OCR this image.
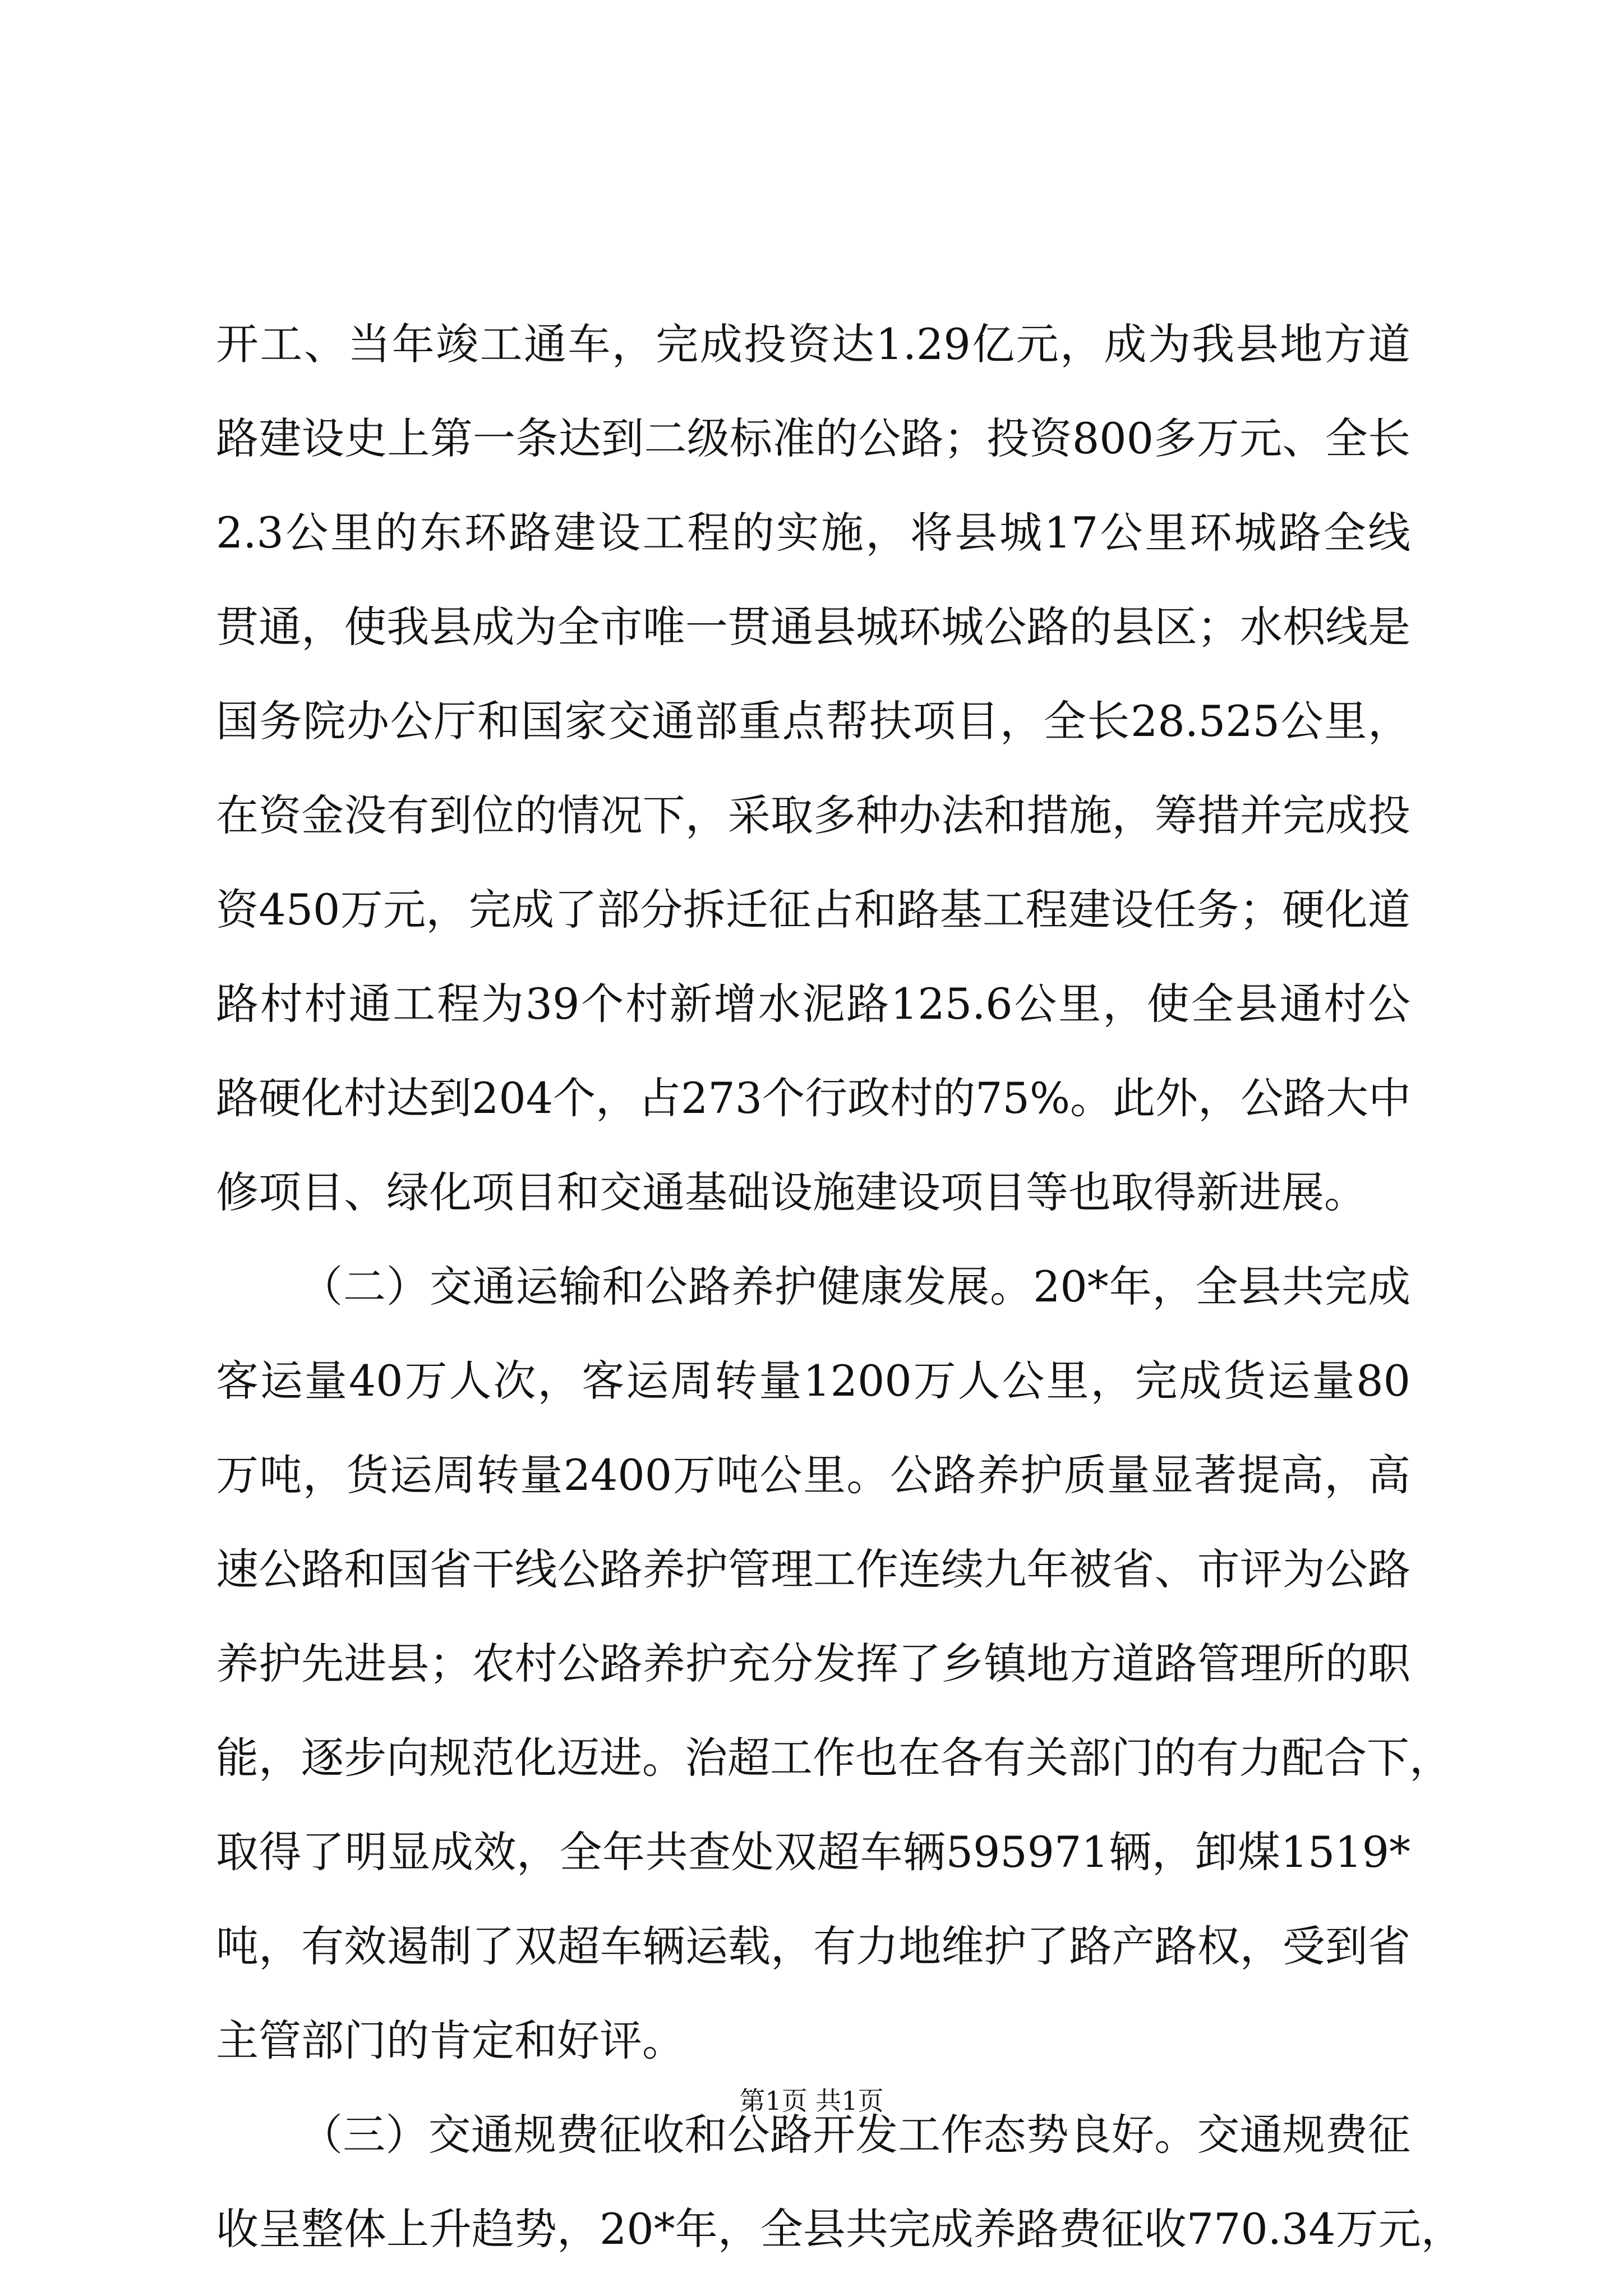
开工、当年竣工通车，完成投资达1.29亿元，成为我县地方道
路建设史上第一条达到二级标准的公路；投资800多万元、全长
2.3公里的东环路建设工程的实施，将县城17公里环城路全线
贯通，使我县成为全市唯一贯通县城环城公路的县区；水枳线是
国务院办公厅和国家交通部重点帮扶项目，全长28.525公里，
在资金没有到位的情况下，采取多种办法和措施，筹措并完成投
资450万元，完成了部分拆迁征占和路基工程建设任务；硬化道
路村村通工程为39个村新增水泥路125.6公里，使全县通村公
路硬化村达到204个，占273个行政村的75%。此外，公路大中
修项目、绿化项目和交通基础设施建设项目等也取得新进展。
（二）交通运输和公路养护健康发展。20*年，全县共完成
客运量40万人次，客运周转量1200万人公里，完成货运量80
万吨，货运周转量2400万吨公里。公路养护质量显著提高，高
速公路和国省干线公路养护管理工作连续九年被省、市评为公路
养护先进县；农村公路养护充分发挥了乡镇地方道路管理所的职
能，逐步向规范化迈进。治超工作也在各有关部门的有力配合下，
取得了明显成效，全年共查处双超车辆595971辆，卸煤1519*
吨，有效遏制了双超车辆运载，有力地维护了路产路权，受到省
主管部门的肯定和好评。
（三）交通规费征收和公路开发工作态势良好。交通规费征
收呈整体上升趋势，20*年，全县共完成养路费征收770.34万元，
第1页 共1页
